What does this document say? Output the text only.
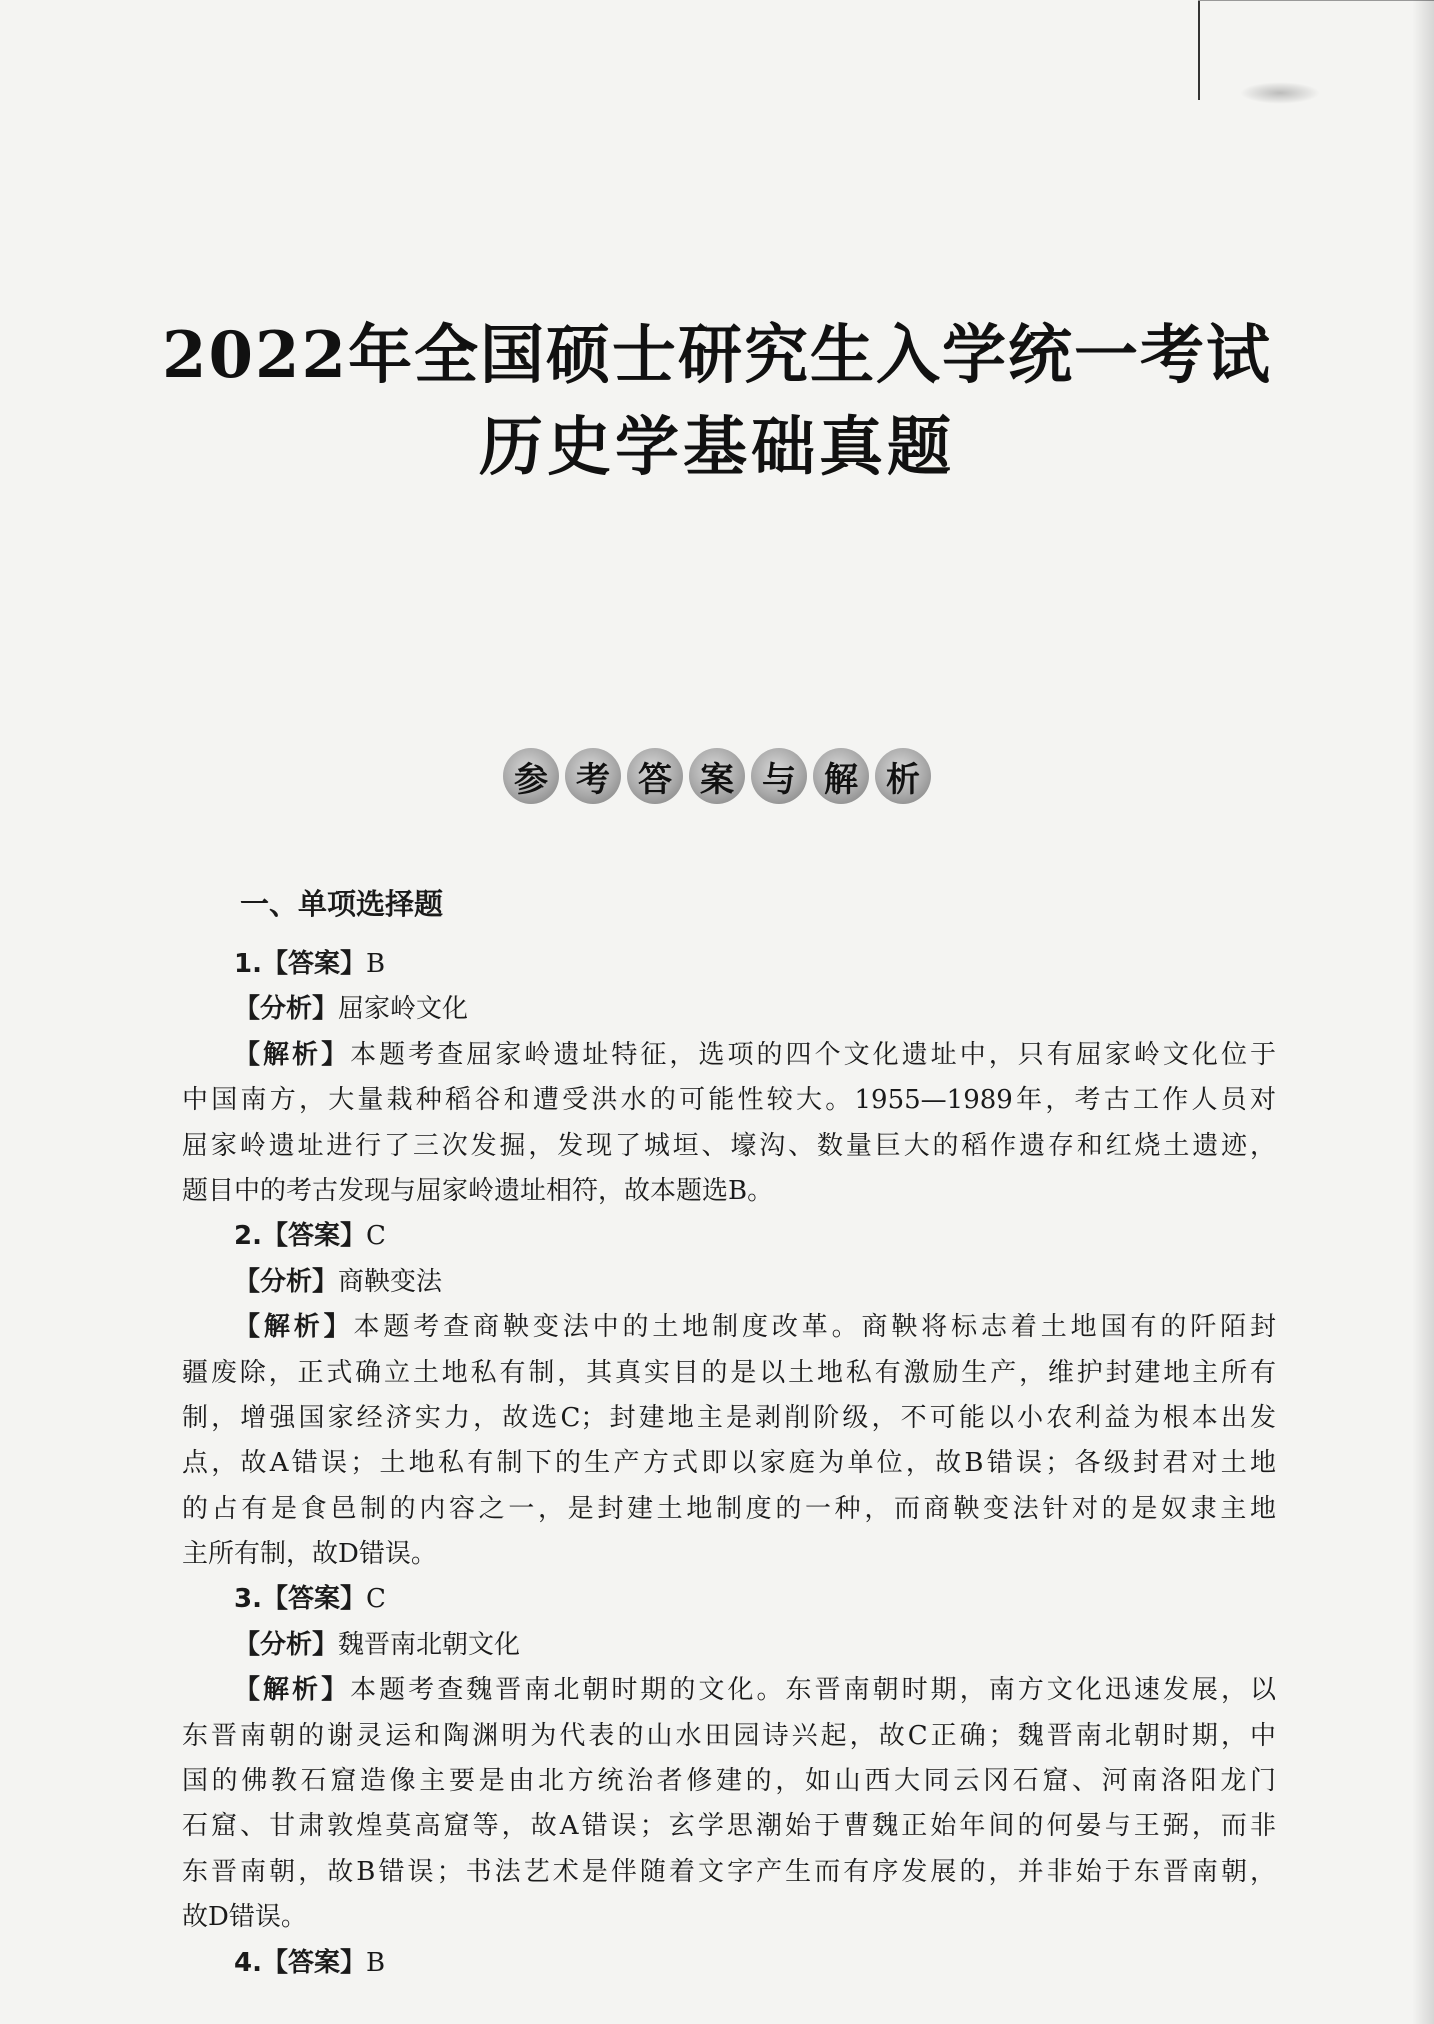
2022年全国硕士研究生入学统一考试
历史学基础真题
参 考 答 案 与 解 析
一、单项选择题
1.【答案】B
【分析】屈家岭文化
【解析】本题考查屈家岭遗址特征，选项的四个文化遗址中，只有屈家岭文化位于
中国南方，大量栽种稻谷和遭受洪水的可能性较大。1955—1989年，考古工作人员对
屈家岭遗址进行了三次发掘，发现了城垣、壕沟、数量巨大的稻作遗存和红烧土遗迹，
题目中的考古发现与屈家岭遗址相符，故本题选B。
2.【答案】C
【分析】商鞅变法
【解析】本题考查商鞅变法中的土地制度改革。商鞅将标志着土地国有的阡陌封
疆废除，正式确立土地私有制，其真实目的是以土地私有激励生产，维护封建地主所有
制，增强国家经济实力，故选C；封建地主是剥削阶级，不可能以小农利益为根本出发
点，故A错误；土地私有制下的生产方式即以家庭为单位，故B错误；各级封君对土地
的占有是食邑制的内容之一，是封建土地制度的一种，而商鞅变法针对的是奴隶主地
主所有制，故D错误。
3.【答案】C
【分析】魏晋南北朝文化
【解析】本题考查魏晋南北朝时期的文化。东晋南朝时期，南方文化迅速发展，以
东晋南朝的谢灵运和陶渊明为代表的山水田园诗兴起，故C正确；魏晋南北朝时期，中
国的佛教石窟造像主要是由北方统治者修建的，如山西大同云冈石窟、河南洛阳龙门
石窟、甘肃敦煌莫高窟等，故A错误；玄学思潮始于曹魏正始年间的何晏与王弼，而非
东晋南朝，故B错误；书法艺术是伴随着文字产生而有序发展的，并非始于东晋南朝，
故D错误。
4.【答案】B
